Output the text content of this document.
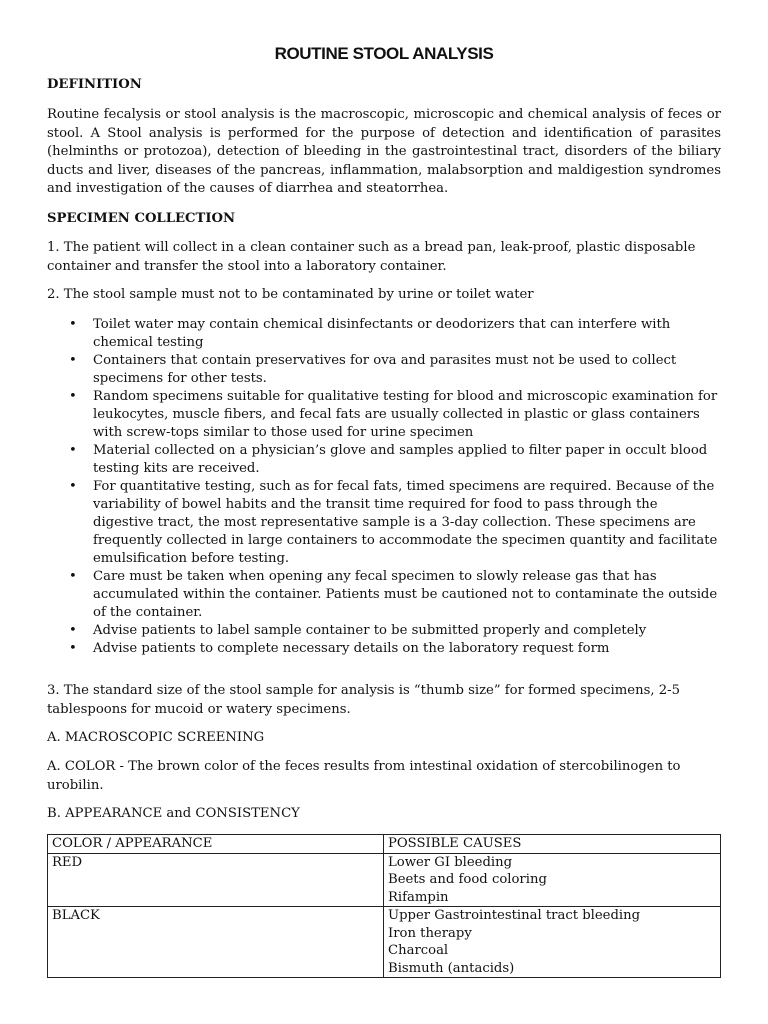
ROUTINE STOOL ANALYSIS
DEFINITION
Routine fecalysis or stool analysis is the macroscopic, microscopic and chemical analysis of feces or stool. A Stool analysis is performed for the purpose of detection and identification of parasites (helminths or protozoa), detection of bleeding in the gastrointestinal tract, disorders of the biliary ducts and liver, diseases of the pancreas, inflammation, malabsorption and maldigestion syndromes and investigation of the causes of diarrhea and steatorrhea.
SPECIMEN COLLECTION
1. The patient will collect in a clean container such as a bread pan, leak-proof, plastic disposable container and transfer the stool into a laboratory container.
2. The stool sample must not to be contaminated by urine or toilet water
• Toilet water may contain chemical disinfectants or deodorizers that can interfere with chemical testing
• Containers that contain preservatives for ova and parasites must not be used to collect specimens for other tests.
• Random specimens suitable for qualitative testing for blood and microscopic examination for leukocytes, muscle fibers, and fecal fats are usually collected in plastic or glass containers with screw-tops similar to those used for urine specimen
• Material collected on a physician’s glove and samples applied to filter paper in occult blood testing kits are received.
• For quantitative testing, such as for fecal fats, timed specimens are required. Because of the variability of bowel habits and the transit time required for food to pass through the digestive tract, the most representative sample is a 3-day collection. These specimens are frequently collected in large containers to accommodate the specimen quantity and facilitate emulsification before testing.
• Care must be taken when opening any fecal specimen to slowly release gas that has accumulated within the container. Patients must be cautioned not to contaminate the outside of the container.
• Advise patients to label sample container to be submitted properly and completely
• Advise patients to complete necessary details on the laboratory request form
3. The standard size of the stool sample for analysis is “thumb size” for formed specimens, 2-5 tablespoons for mucoid or watery specimens.
A. MACROSCOPIC SCREENING
A. COLOR - The brown color of the feces results from intestinal oxidation of stercobilinogen to urobilin.
B. APPEARANCE and CONSISTENCY
COLOR / APPEARANCE	POSSIBLE CAUSES
RED	Lower GI bleeding
Beets and food coloring
Rifampin

BLACK	Upper Gastrointestinal tract bleeding
Iron therapy
Charcoal
Bismuth (antacids)
